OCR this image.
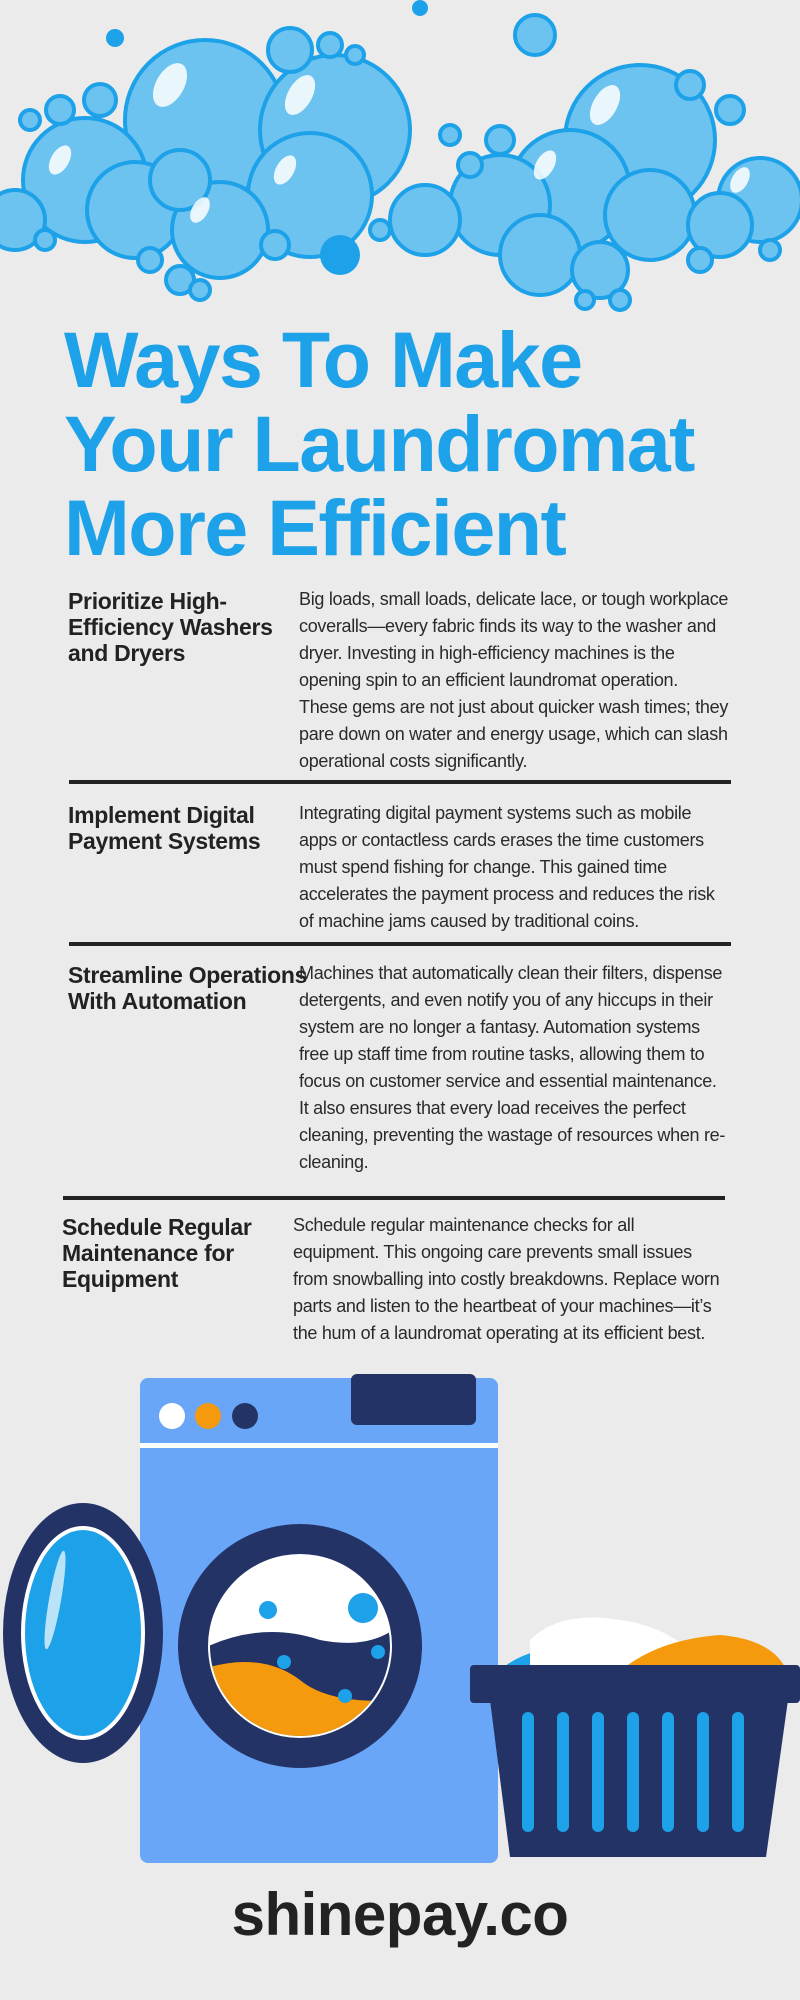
Ways To Make
Your Laundromat
More Efficient
Prioritize High-Efficiency Washers and Dryers

Big loads, small loads, delicate lace, or tough workplace coveralls—every fabric finds its way to the washer and dryer. Investing in high-efficiency machines is the opening spin to an efficient laundromat operation. These gems are not just about quicker wash times; they pare down on water and energy usage, which can slash operational costs significantly.

Implement Digital Payment Systems

Integrating digital payment systems such as mobile apps or contactless cards erases the time customers must spend fishing for change. This gained time accelerates the payment process and reduces the risk of machine jams caused by traditional coins.

Streamline Operations With Automation

Machines that automatically clean their filters, dispense detergents, and even notify you of any hiccups in their system are no longer a fantasy. Automation systems free up staff time from routine tasks, allowing them to focus on customer service and essential maintenance. It also ensures that every load receives the perfect cleaning, preventing the wastage of resources when re-cleaning.

Schedule Regular Maintenance for Equipment

Schedule regular maintenance checks for all equipment. This ongoing care prevents small issues from snowballing into costly breakdowns. Replace worn parts and listen to the heartbeat of your machines—it’s the hum of a laundromat operating at its efficient best.

shinepay.co
